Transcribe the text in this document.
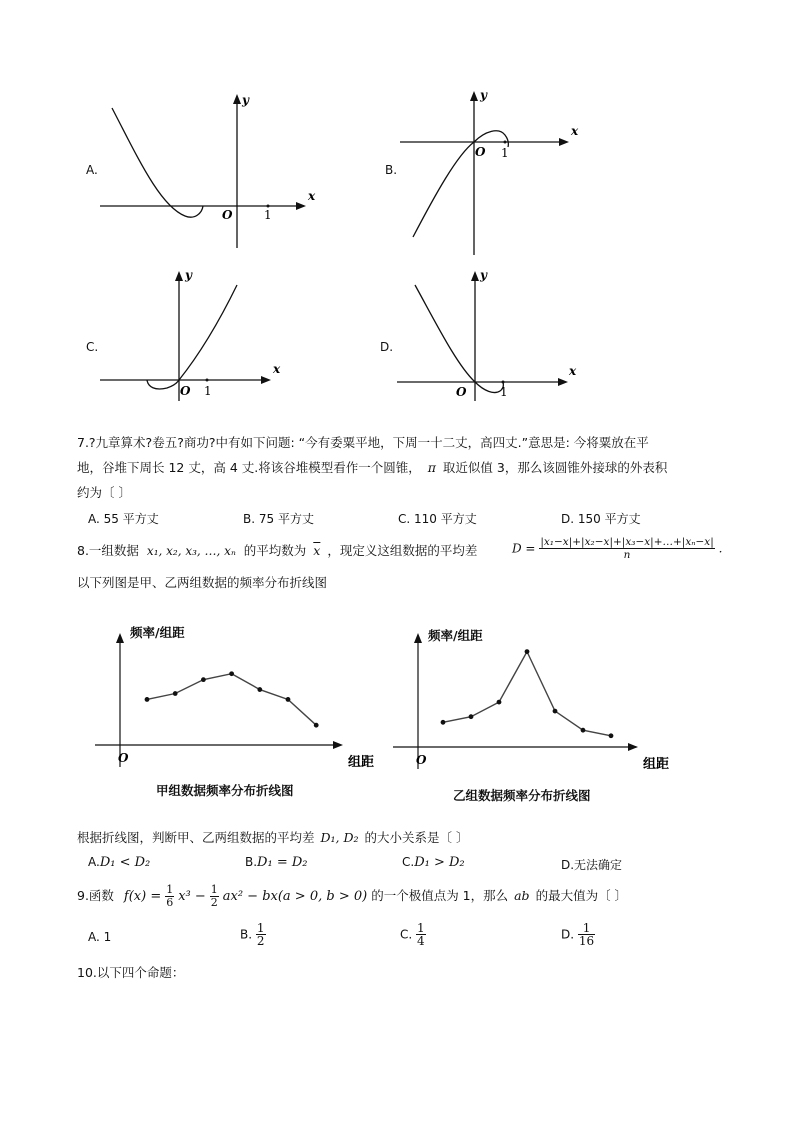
A.	B.
C.	D.
x
y
O	1
x
y
O 1
x
y
O 1
x
y
O	1
7.?九章算术?卷五?商功?中有如下问题: “今有委粟平地，下周一十二丈，高四丈.”意思是: 今将粟放在平
地，谷堆下周长 12 丈，高 4 丈.将该谷堆模型看作一个圆锥， π 取近似值 3，那么该圆锥外接球的外表积
约为〔 〕
A. 55 平方丈	B. 75 平方丈	C. 110 平方丈	D. 150 平方丈
8.一组数据 x₁, x₂, x₃, …, xₙ 的平均数为 $\overline{x}$ ，现定义这组数据的平均差	$D = \frac{\text{|x₁−x|+|x₂−x|+|x₃−x|+…+|xₙ−x|}}{n}$ .
以下列图是甲、乙两组数据的频率分布折线图
O	组距
频率/组距
甲组数据频率分布折线图
O	组距
频率/组距
乙组数据频率分布折线图
根据折线图，判断甲、乙两组数据的平均差 D₁, D₂ 的大小关系是〔 〕
A.D₁ < D₂	B.D₁ = D₂	C.D₁ > D₂	D.无法确定
9.函数 $f(x) = \frac{1}{6} x^3 - \frac{1}{2} ax^2 - bx(a > 0$, b > 0) 的一个极值点为 1，那么 ab 的最大值为〔 〕
A. 1	B. $\frac{1}{2}$	C. $\frac{1}{4}$	D. $\frac{1}{16}$
10.以下四个命题：
